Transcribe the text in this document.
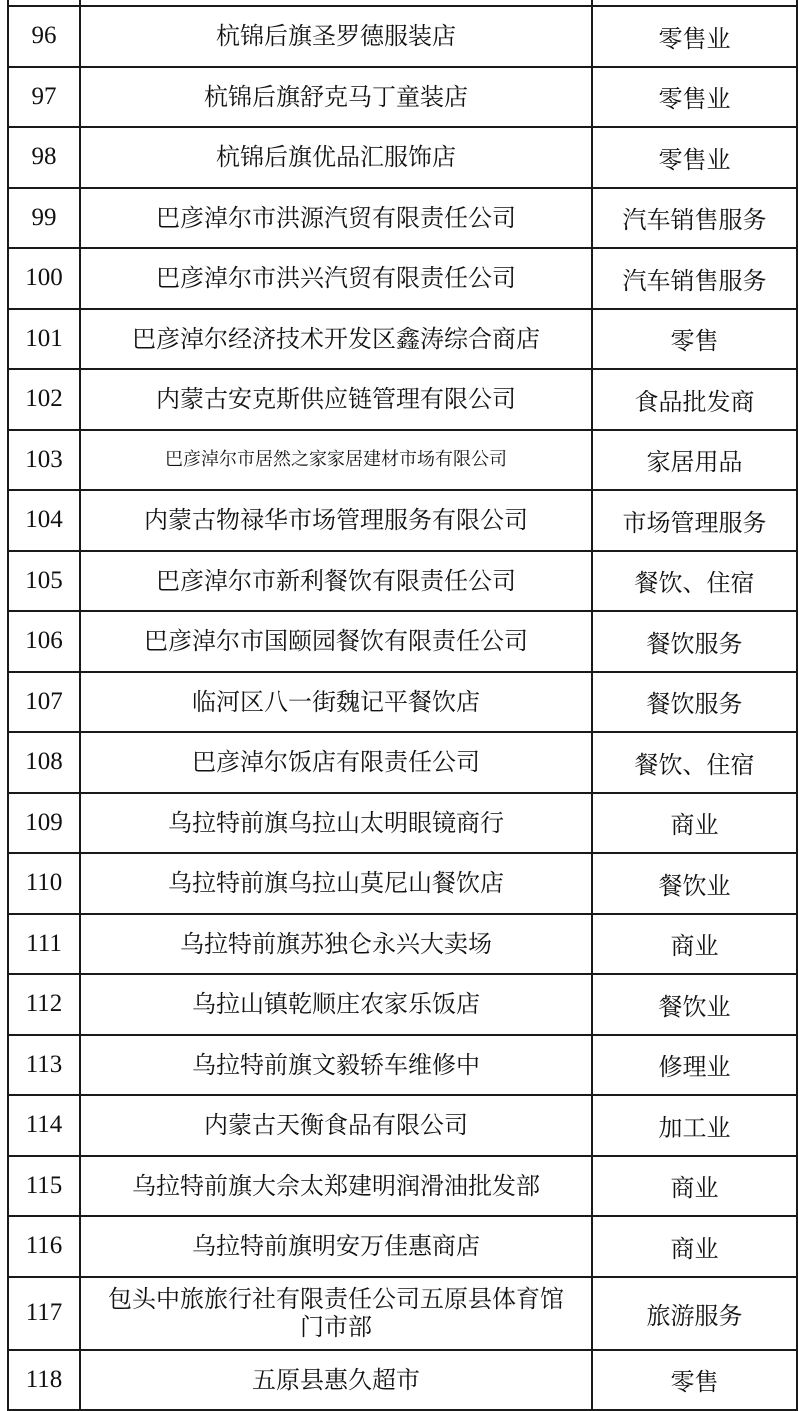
96	杭锦后旗圣罗德服装店	零售业
97	杭锦后旗舒克马丁童装店	零售业
98	杭锦后旗优品汇服饰店	零售业
99	巴彦淖尔市洪源汽贸有限责任公司	汽车销售服务
100	巴彦淖尔市洪兴汽贸有限责任公司	汽车销售服务
101	巴彦淖尔经济技术开发区鑫涛综合商店	零售
102	内蒙古安克斯供应链管理有限公司	食品批发商
103	巴彦淖尔市居然之家家居建材市场有限公司	家居用品
104	内蒙古物禄华市场管理服务有限公司	市场管理服务
105	巴彦淖尔市新利餐饮有限责任公司	餐饮、住宿
106	巴彦淖尔市国颐园餐饮有限责任公司	餐饮服务
107	临河区八一街魏记平餐饮店	餐饮服务
108	巴彦淖尔饭店有限责任公司	餐饮、住宿
109	乌拉特前旗乌拉山太明眼镜商行	商业
110	乌拉特前旗乌拉山莫尼山餐饮店	餐饮业
111	乌拉特前旗苏独仑永兴大卖场	商业
112	乌拉山镇乾顺庄农家乐饭店	餐饮业
113	乌拉特前旗文毅轿车维修中	修理业
114	内蒙古天衡食品有限公司	加工业
115	乌拉特前旗大佘太郑建明润滑油批发部	商业
116	乌拉特前旗明安万佳惠商店	商业
117	包头中旅旅行社有限责任公司五原县体育馆门市部	旅游服务
118	五原县惠久超市	零售
